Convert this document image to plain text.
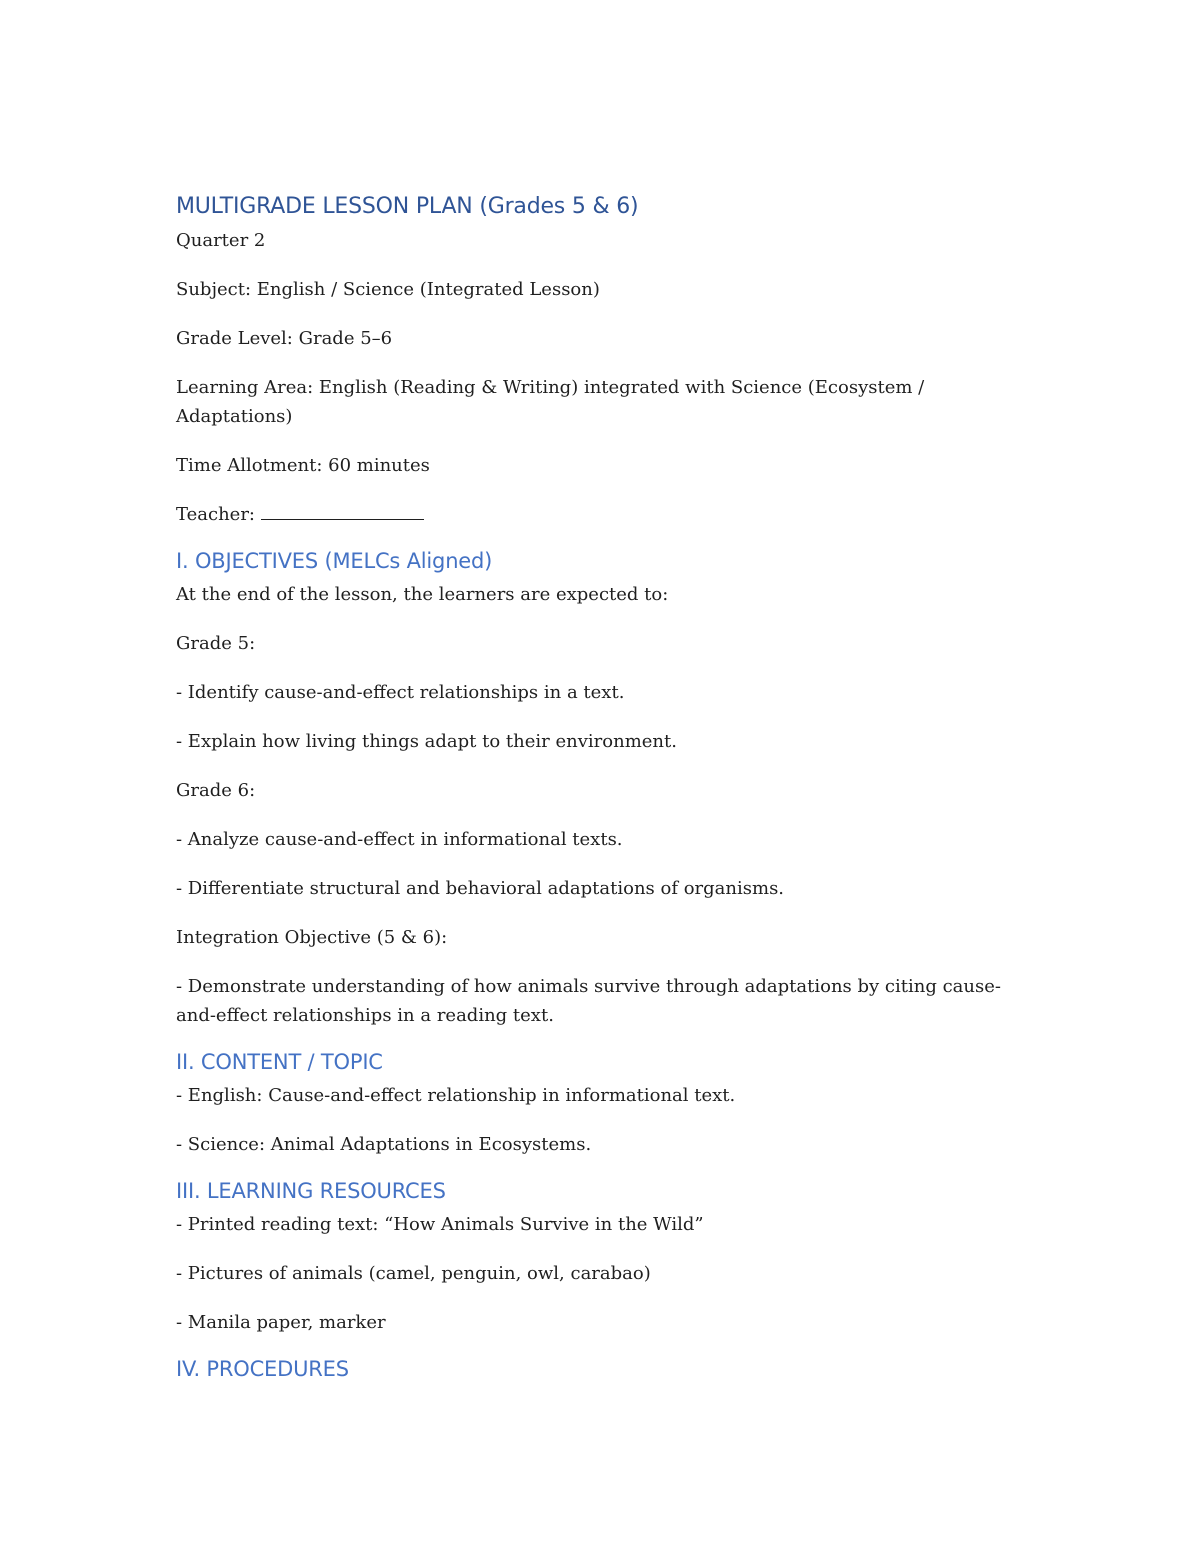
MULTIGRADE LESSON PLAN (Grades 5 & 6)

Quarter 2

Subject: English / Science (Integrated Lesson)

Grade Level: Grade 5–6

Learning Area: English (Reading & Writing) integrated with Science (Ecosystem / Adaptations)

Time Allotment: 60 minutes

Teacher:

I. OBJECTIVES (MELCs Aligned)

At the end of the lesson, the learners are expected to:

Grade 5:

- Identify cause-and-effect relationships in a text.

- Explain how living things adapt to their environment.

Grade 6:

- Analyze cause-and-effect in informational texts.

- Differentiate structural and behavioral adaptations of organisms.

Integration Objective (5 & 6):

- Demonstrate understanding of how animals survive through adaptations by citing cause-and-effect relationships in a reading text.

II. CONTENT / TOPIC

- English: Cause-and-effect relationship in informational text.

- Science: Animal Adaptations in Ecosystems.

III. LEARNING RESOURCES

- Printed reading text: “How Animals Survive in the Wild”

- Pictures of animals (camel, penguin, owl, carabao)

- Manila paper, marker

IV. PROCEDURES
